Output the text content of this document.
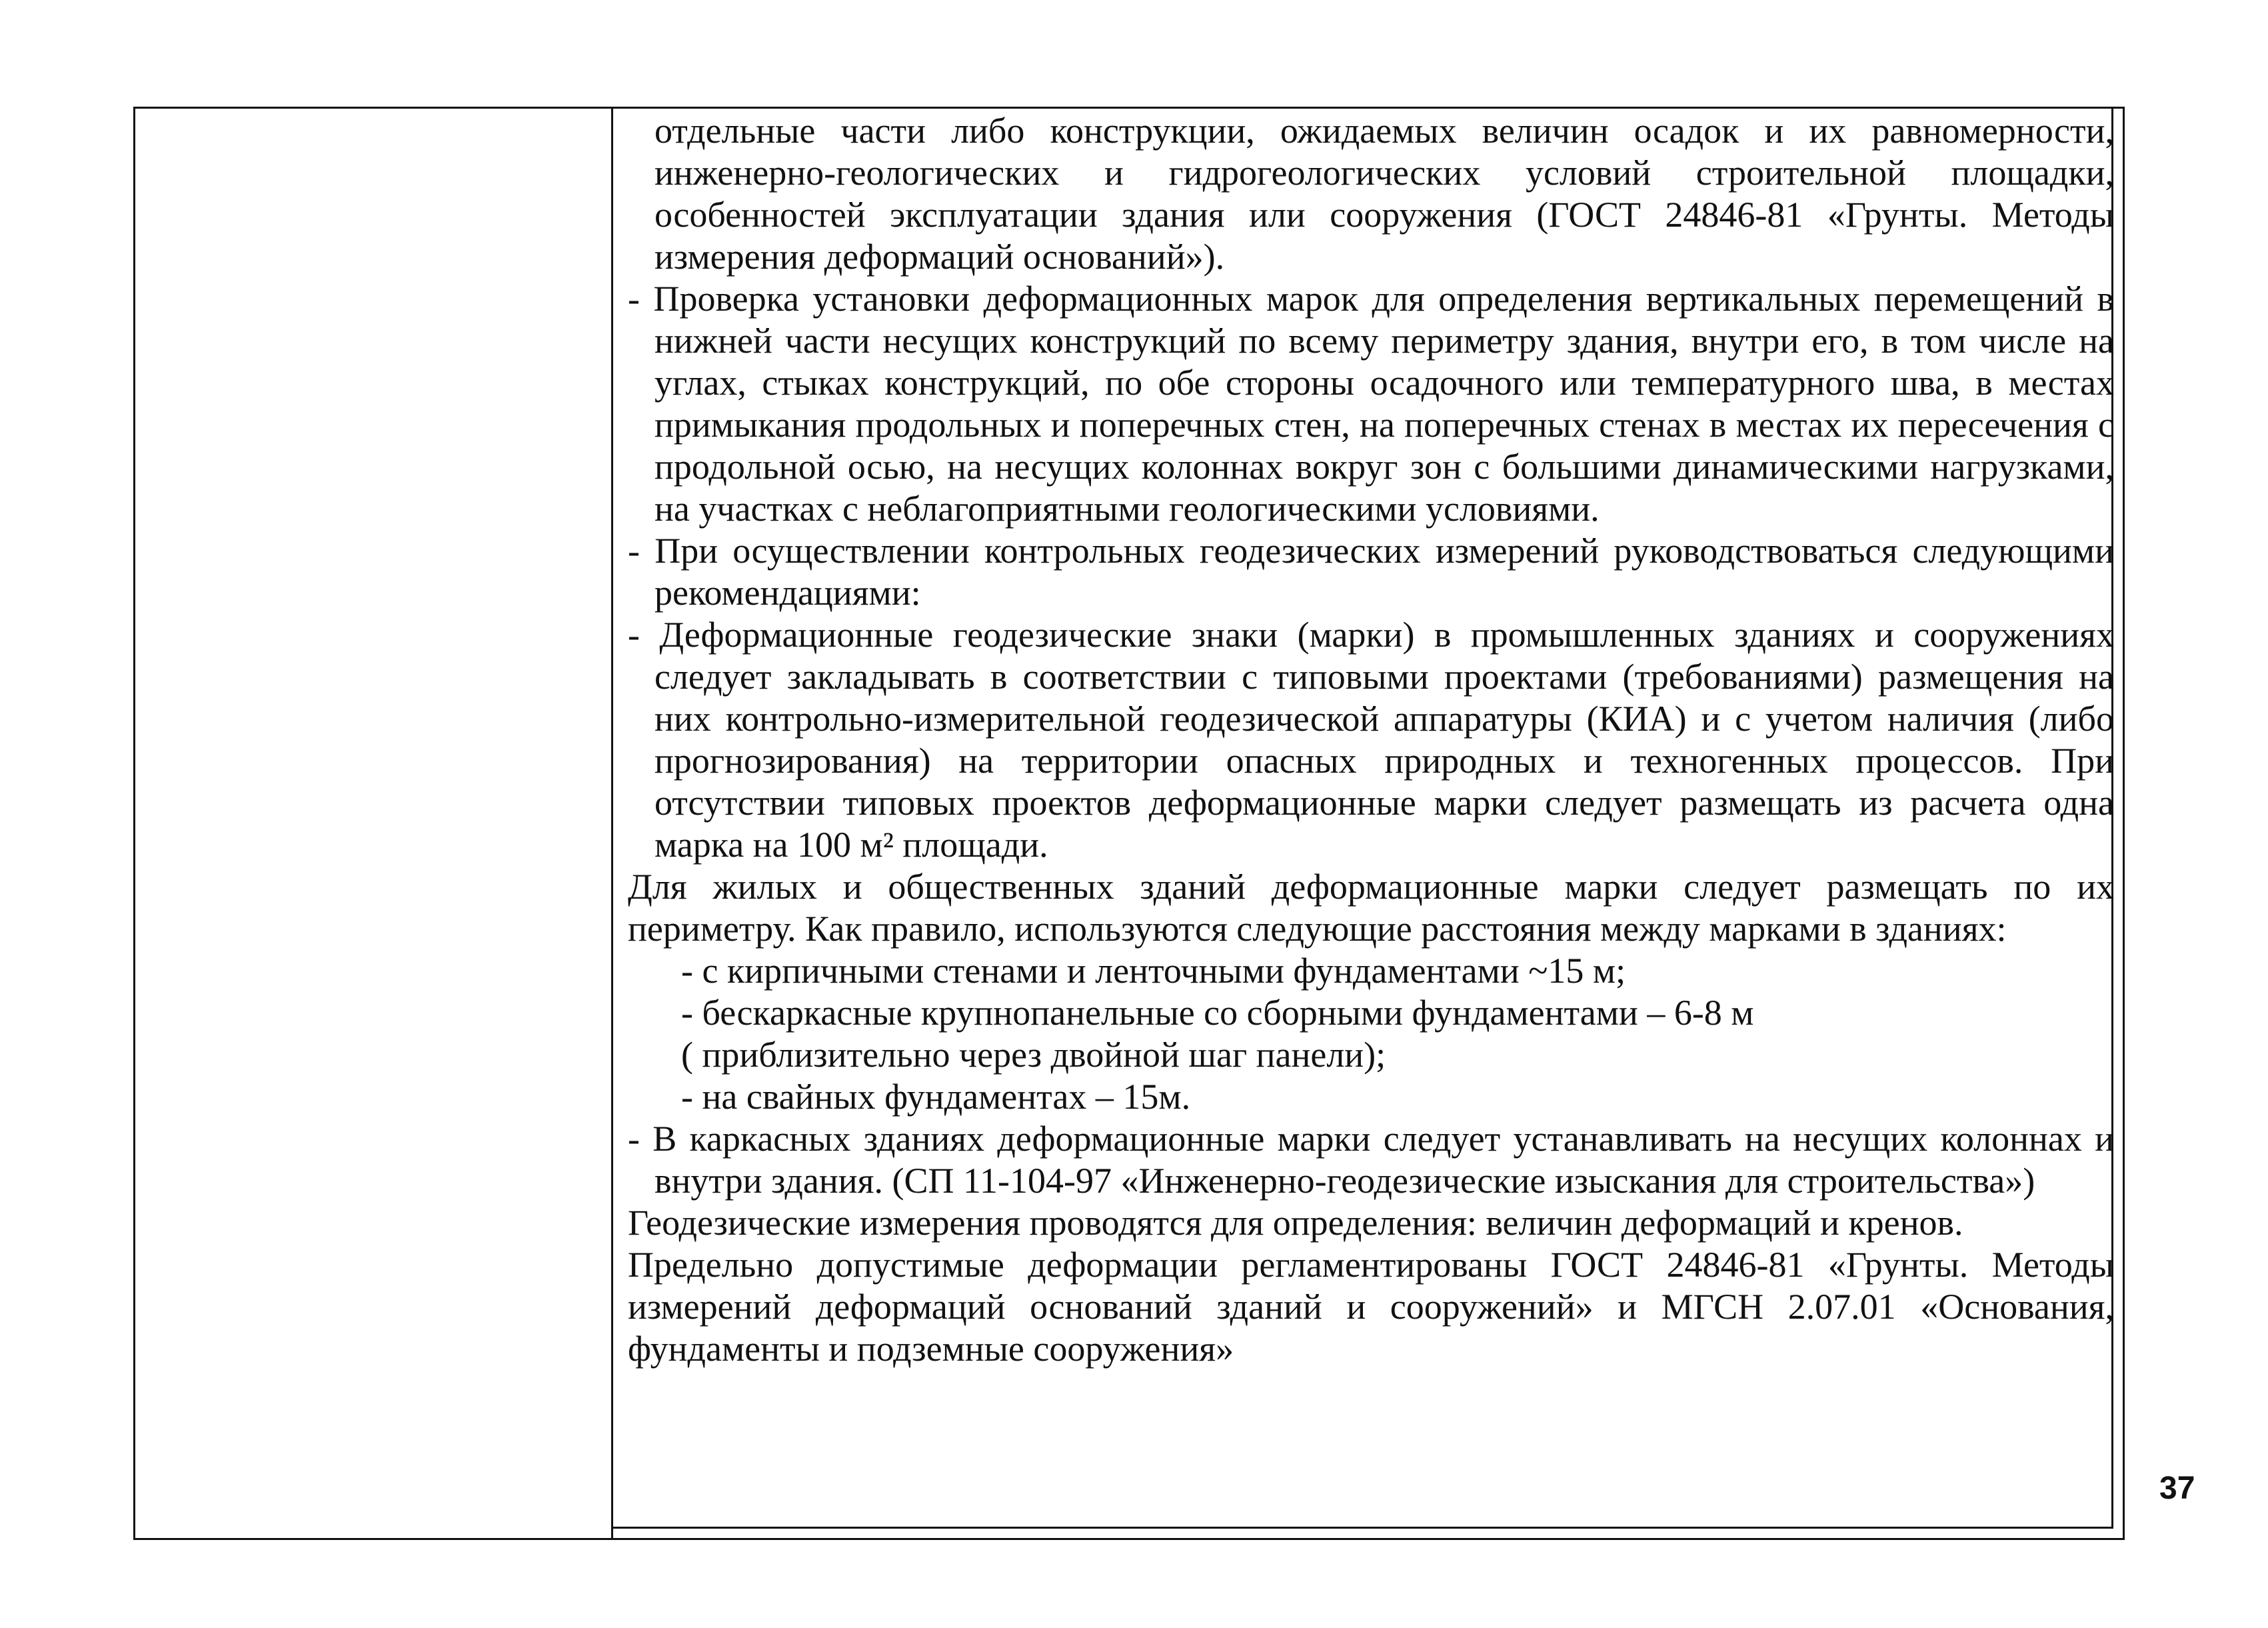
отдельные части либо конструкции, ожидаемых величин осадок и их равномерности, инженерно-геологических и гидрогеологических условий строительной площадки, особенностей эксплуатации здания или сооружения (ГОСТ 24846-81 «Грунты. Методы измерения деформаций оснований»).

- Проверка установки деформационных марок для определения вертикальных перемещений в нижней части несущих конструкций по всему периметру здания, внутри его, в том числе на углах, стыках конструкций, по обе стороны осадочного или температурного шва, в местах примыкания продольных и поперечных стен, на поперечных стенах в местах их пересечения с продольной осью, на несущих колоннах вокруг зон с большими динамическими нагрузками, на участках с неблагоприятными геологическими условиями.

- При осуществлении контрольных геодезических измерений руководствоваться следующими рекомендациями:

- Деформационные геодезические знаки (марки) в промышленных зданиях и сооружениях следует закладывать в соответствии с типовыми проектами (требованиями) размещения на них контрольно-измерительной геодезической аппаратуры (КИА) и с учетом наличия (либо прогнозирования) на территории опасных природных и техногенных процессов. При отсутствии типовых проектов деформационные марки следует размещать из расчета одна марка на 100 м² площади.

Для жилых и общественных зданий деформационные марки следует размещать по их периметру. Как правило, используются следующие расстояния между марками в зданиях:

- с кирпичными стенами и ленточными фундаментами ~15 м;

- бескаркасные крупнопанельные со сборными фундаментами – 6-8 м

( приблизительно через двойной шаг панели);

- на свайных фундаментах – 15м.

- В каркасных зданиях деформационные марки следует устанавливать на несущих колоннах и внутри здания. (СП 11-104-97 «Инженерно-геодезические изыскания для строительства»)

Геодезические измерения проводятся для определения: величин деформаций и кренов.

Предельно допустимые деформации регламентированы ГОСТ 24846-81 «Грунты. Методы измерений деформаций оснований зданий и сооружений» и МГСН 2.07.01 «Основания, фундаменты и подземные сооружения»

37
